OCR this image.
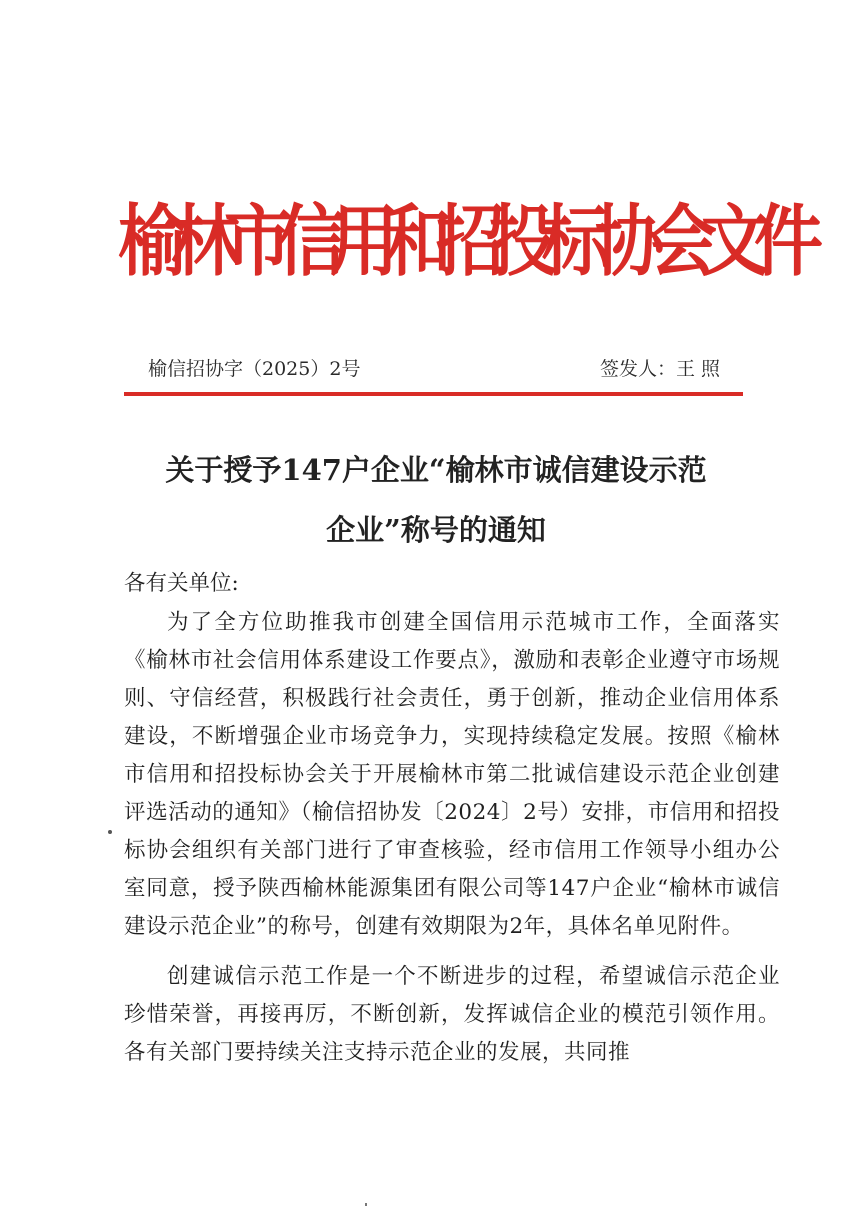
榆林市信用和招投标协会文件
榆信招协字（2025）2号	签发人：王 照
关于授予147户企业“榆林市诚信建设示范
企业”称号的通知

各有关单位:

为了全方位助推我市创建全国信用示范城市工作，全面落实《榆林市社会信用体系建设工作要点》，激励和表彰企业遵守市场规则、守信经营，积极践行社会责任，勇于创新，推动企业信用体系建设，不断增强企业市场竞争力，实现持续稳定发展。按照《榆林市信用和招投标协会关于开展榆林市第二批诚信建设示范企业创建评选活动的通知》（榆信招协发〔2024〕2号）安排，市信用和招投标协会组织有关部门进行了审查核验，经市信用工作领导小组办公室同意，授予陕西榆林能源集团有限公司等147户企业“榆林市诚信建设示范企业”的称号，创建有效期限为2年，具体名单见附件。

创建诚信示范工作是一个不断进步的过程，希望诚信示范企业珍惜荣誉，再接再厉，不断创新，发挥诚信企业的模范引领作用。各有关部门要持续关注支持示范企业的发展，共同推
